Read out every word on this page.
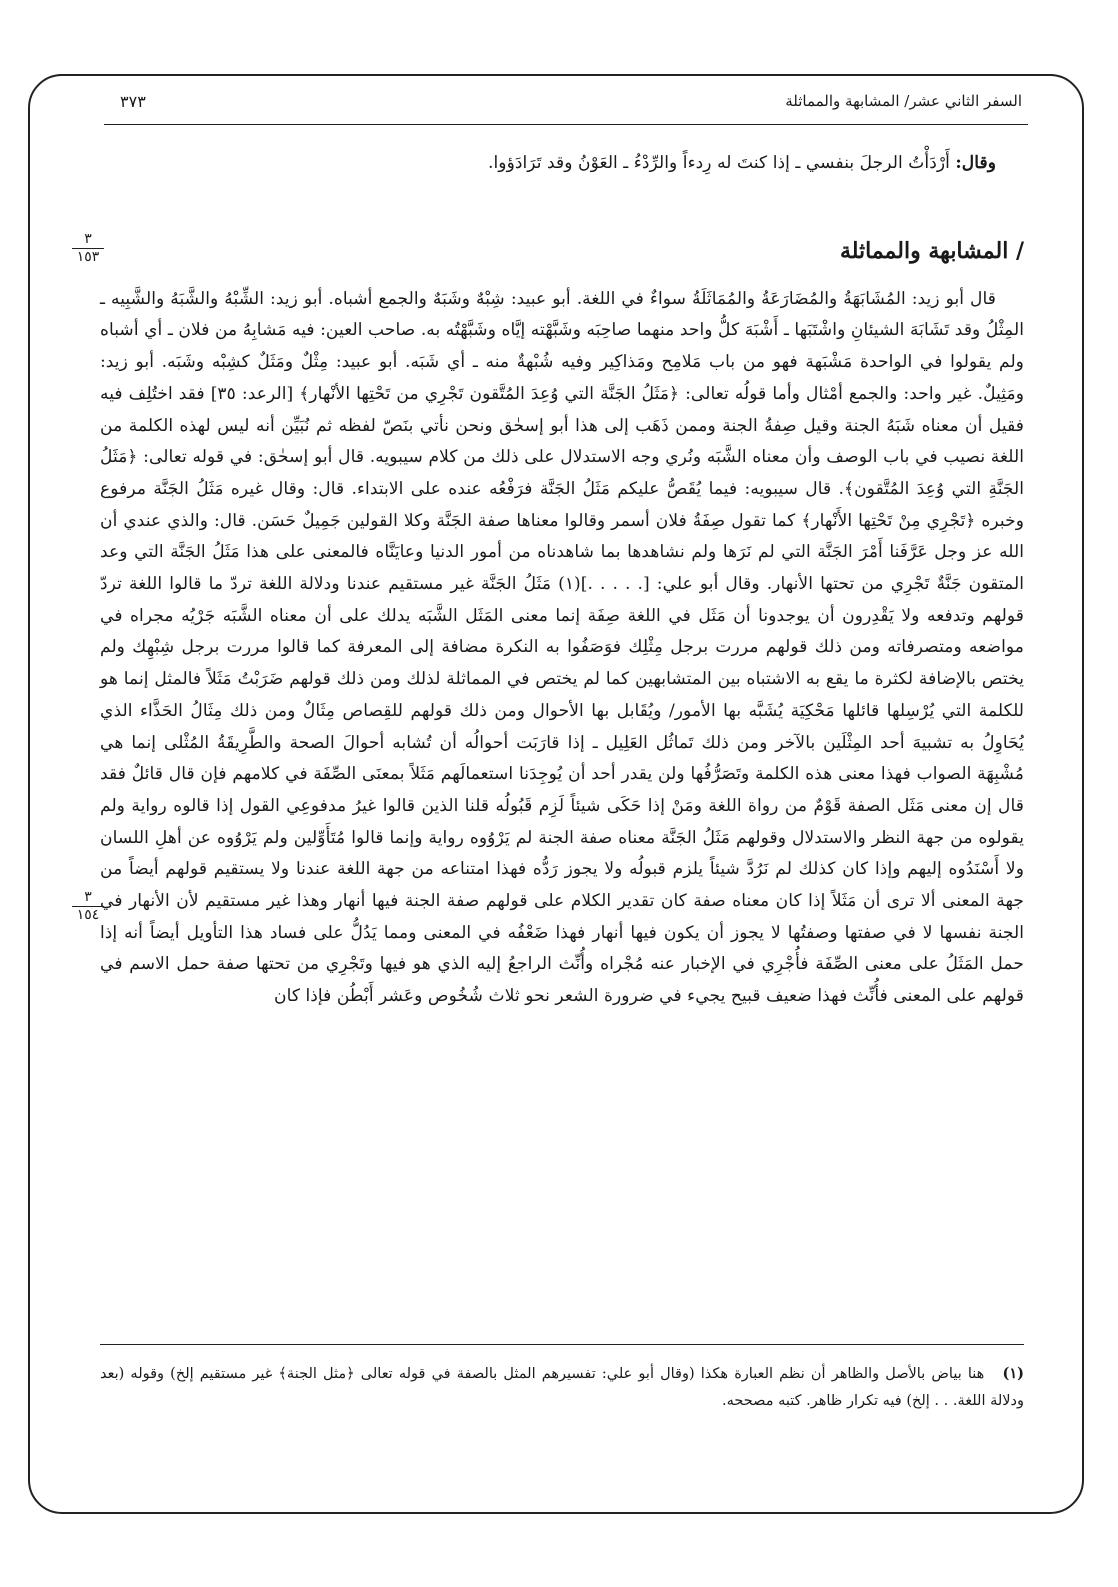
السفر الثاني عشر/ المشابهة والمماثلة
٣٧٣

وقال: أَرْدَأْتُ الرجلَ بنفسي ـ إذا كنتَ له رِدءاً والرِّدْءُ ـ العَوْنُ وقد تَرَادَؤوا.

/ المشابهة والمماثلة

قال أبو زيد: المُشَابَهَةُ والمُضَارَعَةُ والمُمَاثَلَةُ سواءٌ في اللغة. أبو عبيد: شِبْهٌ وشَبَهٌ والجمع أشباه. أبو زيد: الشِّبْهُ والشَّبَهُ والشَّبِيه ـ المِثْلُ وقد تَشَابَهَ الشيئانِ واشْتَبَها ـ أَشْبَهَ كلُّ واحد منهما صاحِبَه وشَبَّهْته إيَّاه وشَبَّهْتُه به. صاحب العين: فيه مَشابِهُ من فلان ـ أي أشباه ولم يقولوا في الواحدة مَشْبَهة فهو من باب مَلامِح ومَذاكِير وفيه شُبْهةٌ منه ـ أي شَبَه. أبو عبيد: مِثْلٌ ومَثَلٌ كشِبْه وشَبَه. أبو زيد: ومَثِيلٌ. غير واحد: والجمع أمْثال وأما قولُه تعالى: ﴿مَثَلُ الجَنَّة التي وُعِدَ المُتَّقون تَجْرِي من تَحْتِها الأنْهار﴾ [الرعد: ٣٥] فقد اختُلِف فيه فقيل أن معناه شَبَهُ الجنة وقيل صِفةُ الجنة وممن ذَهَب إلى هذا أبو إسحٰق ونحن نأتي بنَصّ لفظه ثم نُبَيِّن أنه ليس لهذه الكلمة من اللغة نصيب في باب الوصف وأن معناه الشَّبَه ونُري وجه الاستدلال على ذلك من كلام سيبويه. قال أبو إسحٰق: في قوله تعالى: ﴿مَثَلُ الجَنَّةِ التي وُعِدَ المُتَّقون﴾. قال سيبويه: فيما يُقَصُّ عليكم مَثَلُ الجَنَّة فرَفْعُه عنده على الابتداء. قال: وقال غيره مَثَلُ الجَنَّة مرفوع وخبره ﴿تَجْرِي مِنْ تَحْتِها الأَنْهار﴾ كما تقول صِفَةُ فلان أسمر وقالوا معناها صفة الجَنَّة وكلا القولين جَمِيلٌ حَسَن. قال: والذي عندي أن الله عز وجل عَرَّفَنا أَمْرَ الجَنَّة التي لم نَرَها ولم نشاهدها بما شاهدناه من أمور الدنيا وعايَنَّاه فالمعنى على هذا مَثَلُ الجَنَّة التي وعد المتقون جَنَّةٌ تَجْرِي من تحتها الأنهار. وقال أبو علي: [. . . . .](١) مَثَلُ الجَنَّة غير مستقيم عندنا ودلالة اللغة تردّ ما قالوا اللغة تردّ قولهم وتدفعه ولا يَقْدِرون أن يوجدونا أن مَثَل في اللغة صِفَة إنما معنى المَثَل الشَّبَه يدلك على أن معناه الشَّبَه جَرْيُه مجراه في مواضعه ومتصرفاته ومن ذلك قولهم مررت برجل مِثْلِك فوَصَفُوا به النكرة مضافة إلى المعرفة كما قالوا مررت برجل شِبْهِك ولم يختص بالإضافة لكثرة ما يقع به الاشتباه بين المتشابهين كما لم يختص في المماثلة لذلك ومن ذلك قولهم ضَرَبْتُ مَثَلاً فالمثل إنما هو للكلمة التي يُرْسِلها قائلها مَحْكِيَة يُشَبَّه بها الأمور/ ويُقَابل بها الأحوال ومن ذلك قولهم للقِصاص مِثَالٌ ومن ذلك مِثَالُ الحَذَّاء الذي يُحَاوِلُ به تشبيهَ أحد المِثْلَين بالآخر ومن ذلك تَماثُل العَلِيل ـ إذا قارَبَت أحوالُه أن تُشابه أحوالَ الصحة والطَّرِيقَةُ المُثْلى إنما هي مُشْبِهَة الصواب فهذا معنى هذه الكلمة وتَصَرُّفُها ولن يقدر أحد أن يُوجِدَنا استعمالَهم مَثَلاً بمعنَى الصِّفَة في كلامهم فإن قال قائلٌ فقد قال إن معنى مَثَل الصفة قَوْمٌ من رواة اللغة ومَنْ إذا حَكَى شيئاً لَزِم قَبُولُه قلنا الذين قالوا غيرُ مدفوعِي القول إذا قالوه رواية ولم يقولوه من جهة النظر والاستدلال وقولهم مَثَلُ الجَنَّة معناه صفة الجنة لم يَرْوُوه رواية وإنما قالوا مُتَأَوِّلين ولم يَرْوُوه عن أهلِ اللسان ولا أَسْنَدُوه إليهم وإذا كان كذلك لم نَرُدَّ شيئاً يلزم قبولُه ولا يجوز رَدُّه فهذا امتناعه من جهة اللغة عندنا ولا يستقيم قولهم أيضاً من جهة المعنى ألا ترى أن مَثَلاً إذا كان معناه صفة كان تقدير الكلام على قولهم صفة الجنة فيها أنهار وهذا غير مستقيم لأن الأنهار في الجنة نفسها لا في صفتها وصفتُها لا يجوز أن يكون فيها أنهار فهذا ضَعْفُه في المعنى ومما يَدُلُّ على فساد هذا التأويل أيضاً أنه إذا حمل المَثَلُ على معنى الصِّفَة فأُجْرِي في الإخبار عنه مُجْراه وأُنِّث الراجعُ إليه الذي هو فيها وتَجْرِي من تحتها صفة حمل الاسم في قولهم على المعنى فأُنِّث فهذا ضعيف قبيح يجيء في ضرورة الشعر نحو ثلاث شُخُوص وعَشر أَبْطُن فإذا كان

٣
١٥٣
٣
١٥٤
(١) هنا بياض بالأصل والظاهر أن نظم العبارة هكذا (وقال أبو علي: تفسيرهم المثل بالصفة في قوله تعالى ﴿مثل الجنة﴾ غير مستقيم إلخ) وقوله (بعد ودلالة اللغة. . . إلخ) فيه تكرار ظاهر. كتبه مصححه.
